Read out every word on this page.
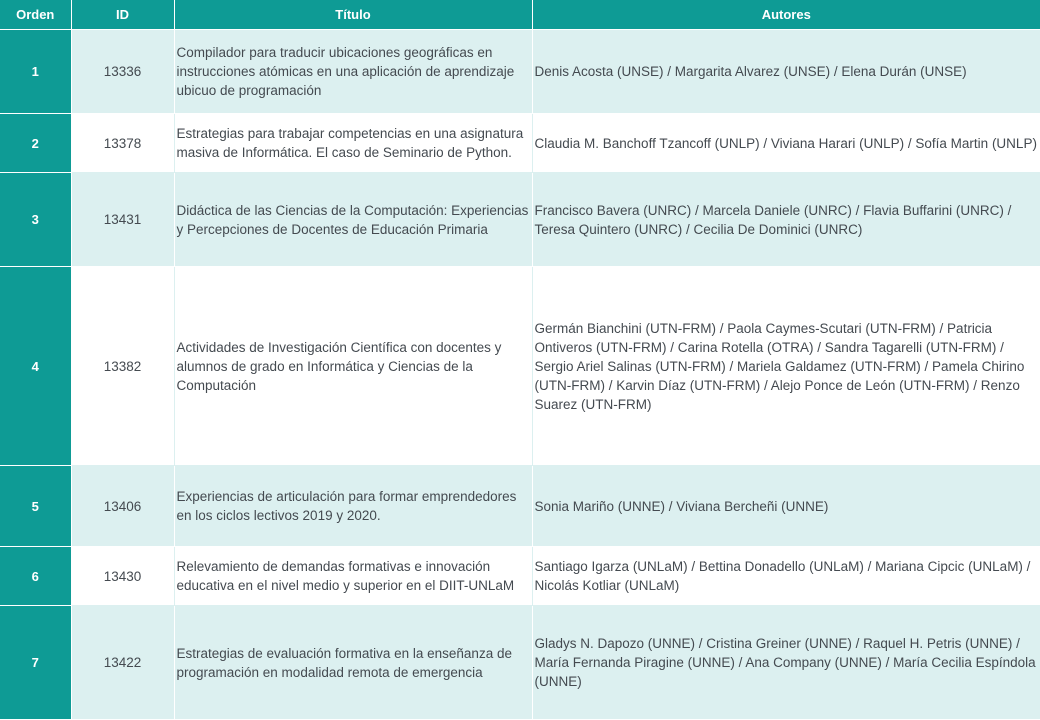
Orden	ID	Título	Autores
1	13336	Compilador para traducir ubicaciones geográficas en instrucciones atómicas en una aplicación de aprendizaje ubicuo de programación	Denis Acosta (UNSE) / Margarita Alvarez (UNSE) / Elena Durán (UNSE)
2	13378	Estrategias para trabajar competencias en una asignatura masiva de Informática. El caso de Seminario de Python.	Claudia M. Banchoff Tzancoff (UNLP) / Viviana Harari (UNLP) / Sofía Martin (UNLP)
3	13431	Didáctica de las Ciencias de la Computación: Experiencias y Percepciones de Docentes de Educación Primaria	Francisco Bavera (UNRC) / Marcela Daniele (UNRC) / Flavia Buffarini (UNRC) / Teresa Quintero (UNRC) / Cecilia De Dominici (UNRC)
4	13382	Actividades de Investigación Científica con docentes y alumnos de grado en Informática y Ciencias de la Computación	Germán Bianchini (UTN-FRM) / Paola Caymes-Scutari (UTN-FRM) / Patricia Ontiveros (UTN-FRM) / Carina Rotella (OTRA) / Sandra Tagarelli (UTN-FRM) / Sergio Ariel Salinas (UTN-FRM) / Mariela Galdamez (UTN-FRM) / Pamela Chirino (UTN-FRM) / Karvin Díaz (UTN-FRM) / Alejo Ponce de León (UTN-FRM) / Renzo Suarez (UTN-FRM)
5	13406	Experiencias de articulación para formar emprendedores en los ciclos lectivos 2019 y 2020.	Sonia Mariño (UNNE) / Viviana Bercheñi (UNNE)
6	13430	Relevamiento de demandas formativas e innovación educativa en el nivel medio y superior en el DIIT-UNLaM	Santiago Igarza (UNLaM) / Bettina Donadello (UNLaM) / Mariana Cipcic (UNLaM) / Nicolás Kotliar (UNLaM)
7	13422	Estrategias de evaluación formativa en la enseñanza de programación en modalidad remota de emergencia	Gladys N. Dapozo (UNNE) / Cristina Greiner (UNNE) / Raquel H. Petris (UNNE) / María Fernanda Piragine (UNNE) / Ana Company (UNNE) / María Cecilia Espíndola (UNNE)
